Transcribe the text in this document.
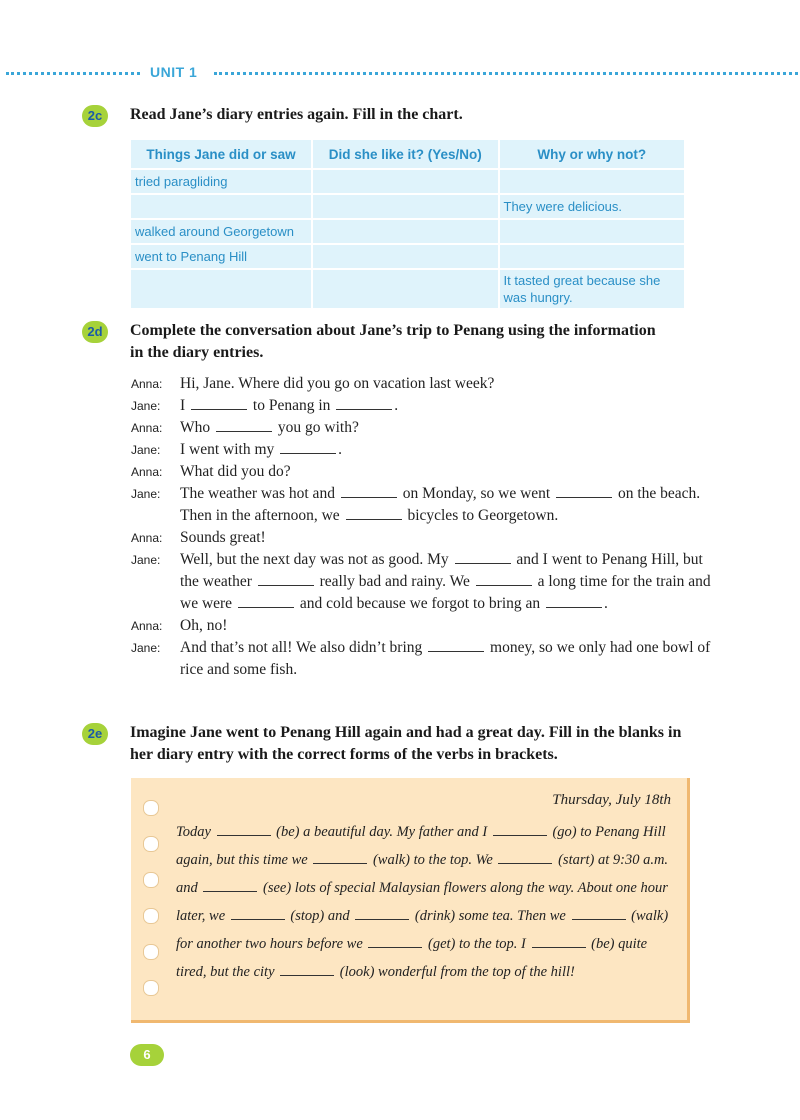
UNIT 1
2c	Read Jane’s diary entries again. Fill in the chart.
Things Jane did or saw	Did she like it? (Yes/No)	Why or why not?
tried paragliding		
		They were delicious.
walked around Georgetown		
went to Penang Hill		
		It tasted great because she was hungry.
2d	Complete the conversation about Jane’s trip to Penang using the information in the diary entries.
Anna:	Hi, Jane. Where did you go on vacation last week?
Jane:	I	to Penang in	.
Anna:	Who	you go with?
Jane:	I went with my	.
Anna:	What did you do?
Jane:	The weather was hot and	on Monday, so we went	on the beach. Then in the afternoon, we	bicycles to Georgetown.
Anna:	Sounds great!
Jane:	Well, but the next day was not as good. My	and I went to Penang Hill, but the weather	really bad and rainy. We	a long time for the train and we were	and cold because we forgot to bring an	.
Anna:	Oh, no!
Jane:	And that’s not all! We also didn’t bring	money, so we only had one bowl of rice and some fish.
2e	Imagine Jane went to Penang Hill again and had a great day. Fill in the blanks in her diary entry with the correct forms of the verbs in brackets.
Thursday, July 18th
Today	(be) a beautiful day. My father and I	(go) to Penang Hill again, but this time we	(walk) to the top. We	(start) at 9:30 a.m. and	(see) lots of special Malaysian flowers along the way. About one hour later, we	(stop) and	(drink) some tea. Then we	(walk) for another two hours before we	(get) to the top. I	(be) quite tired, but the city	(look) wonderful from the top of the hill!
6
